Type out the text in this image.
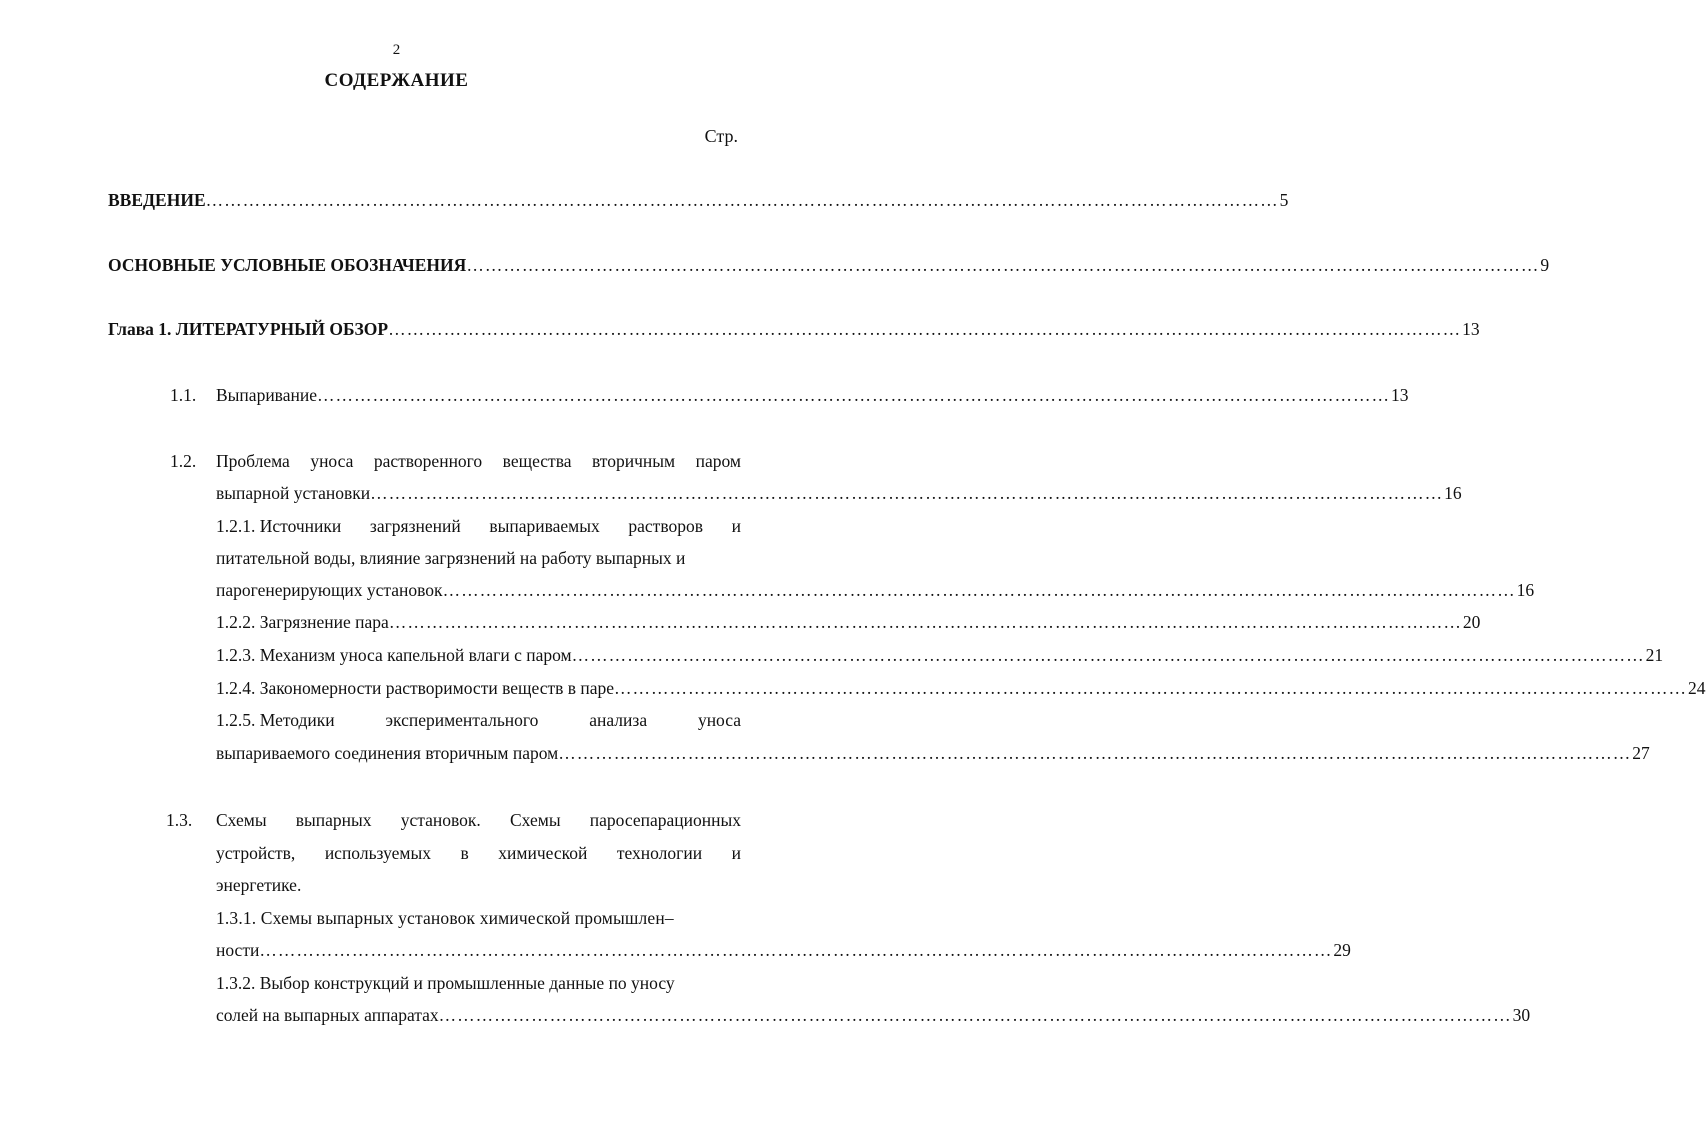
2
СОДЕРЖАНИЕ
Стр.
ВВЕДЕНИЕ ………………………………………………………………………………………………………………………………………………………… 5
ОСНОВНЫЕ УСЛОВНЫЕ ОБОЗНАЧЕНИЯ ………………………………………………………………………………………………………………………………………………………… 9
Глава 1. ЛИТЕРАТУРНЫЙ ОБЗОР ………………………………………………………………………………………………………………………………………………………… 13
1.1. Выпаривание ………………………………………………………………………………………………………………………………………………………… 13
1.2. Проблема уноса растворенного вещества вторичным паром
выпарной установки ………………………………………………………………………………………………………………………………………………………… 16
1.2.1. Источники загрязнений выпариваемых растворов и
питательной воды, влияние загрязнений на работу выпарных и
парогенерирующих установок ………………………………………………………………………………………………………………………………………………………… 16
1.2.2. Загрязнение пара ………………………………………………………………………………………………………………………………………………………… 20
1.2.3. Механизм уноса капельной влаги с паром ………………………………………………………………………………………………………………………………………………………… 21
1.2.4. Закономерности растворимости веществ в паре ………………………………………………………………………………………………………………………………………………………… 24
1.2.5. Методики	экспериментального	анализа	уноса
выпариваемого соединения вторичным паром ………………………………………………………………………………………………………………………………………………………… 27
1.3. Схемы выпарных установок. Схемы паросепарационных
устройств, используемых в химической технологии и
энергетике.
1.3.1. Схемы выпарных установок химической промышлен–
ности ………………………………………………………………………………………………………………………………………………………… 29
1.3.2. Выбор конструкций и промышленные данные по уносу
солей на выпарных аппаратах ………………………………………………………………………………………………………………………………………………………… 30
